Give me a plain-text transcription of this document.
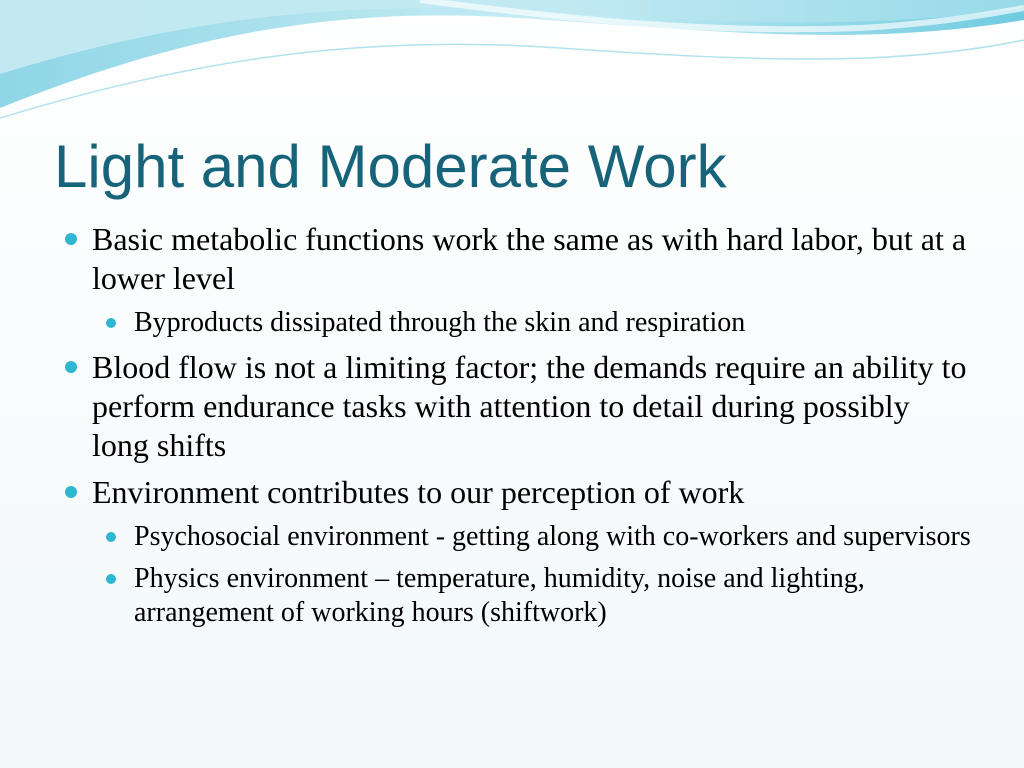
Light and Moderate Work
Basic metabolic functions work the same as with hard labor, but at a lower level
Byproducts dissipated through the skin and respiration
Blood flow is not a limiting factor; the demands require an ability to perform endurance tasks with attention to detail during possibly long shifts
Environment contributes to our perception of work
Psychosocial environment - getting along with co-workers and supervisors
Physics environment – temperature, humidity, noise and lighting, arrangement of working hours (shiftwork)
